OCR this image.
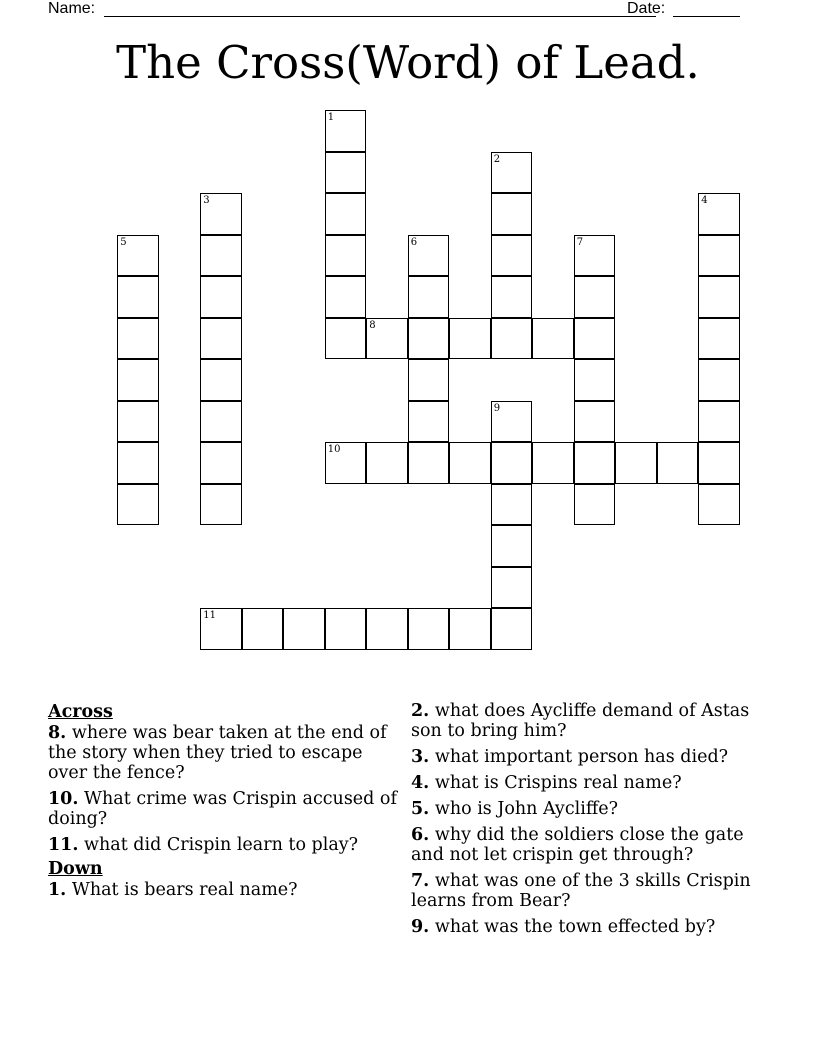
Name:	Date:
The Cross(Word) of Lead.
1
2
3	4
5	6	7
8
9
10
11
Across
8. where was bear taken at the end of the story when they tried to escape over the fence?
10. What crime was Crispin accused of doing?
11. what did Crispin learn to play?
Down
1. What is bears real name?
2. what does Aycliffe demand of Astas son to bring him?
3. what important person has died?
4. what is Crispins real name?
5. who is John Aycliffe?
6. why did the soldiers close the gate and not let crispin get through?
7. what was one of the 3 skills Crispin learns from Bear?
9. what was the town effected by?
